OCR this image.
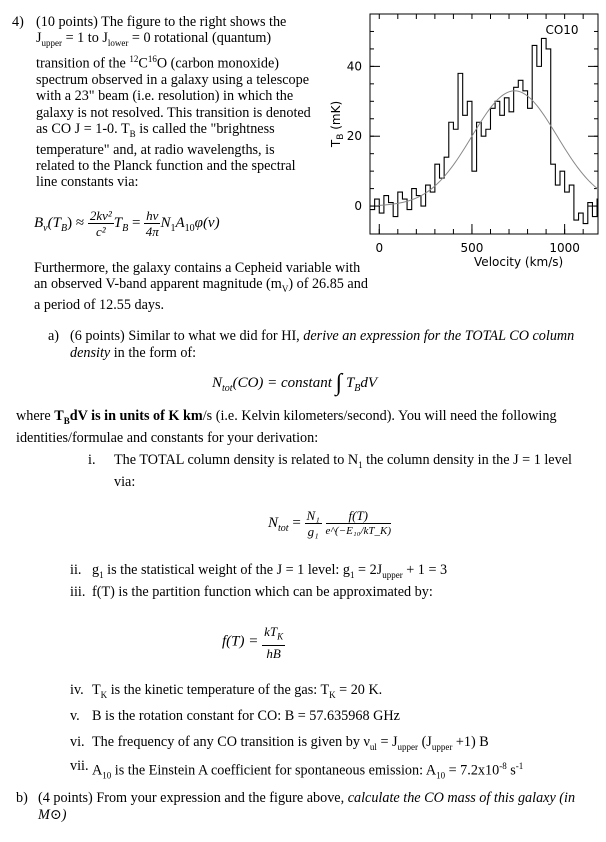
4) (10 points) The figure to the right shows the $J_{upper} = 1$ to $J_{lower} = 0$ rotational (quantum) transition of the $^{12}C^{16}O$ (carbon monoxide) spectrum observed in a galaxy using a telescope with a 23" beam (i.e. resolution) in which the galaxy is not resolved. This transition is denoted as CO J = 1-0. $T_B$ is called the "brightness temperature" and, at radio wavelengths, is related to the Planck function and the spectral line constants via:
0	500	1000
0
20
40
Velocity (km/s)
$T_B$ (mK)
CO10
$B_\nu(T_B) \approx \frac{\text{2kν²}}{\text{c²}} T_B = \frac{h\nu}{4\pi} N_1A_{10}\varphi(\nu)$
Furthermore, the galaxy contains a Cepheid variable with an observed V-band apparent magnitude $(m_V)$ of 26.85 and a period of 12.55 days.
a) (6 points) Similar to what we did for HI, derive an expression for the TOTAL CO column density in the form of:
$N_{tot}(CO)$ = constant ∫ $T_BdV$
where $T_BdV$ is in units of K km/s (i.e. Kelvin kilometers/second). You will need the following identities/formulae and constants for your derivation:
i. The TOTAL column density is related to $N_1$ the column density in the J = 1 level via:
$N_{tot} = \frac{\text{N₁}}{\text{g₁}}$
$\frac{f(T)}{\text{e\textasciicircum{}(−E₁₀/kT\_K)}}$
ii. $g_1$ is the statistical weight of the J = 1 level: $g_1 = 2J_{upper} + 1 = 3$
iii. f(T) is the partition function which can be approximated by:
$f(T) = \frac{kT_K}{hB}$
iv. $T_K$ is the kinetic temperature of the gas: $T_K = 20$ K.
v. B is the rotation constant for CO: B = 57.635968 GHz
vi. The frequency of any CO transition is given by $\nu_{ul} = J_{upper}$ $(J_{upper} +1)$ B
vii. $A_{10}$ is the Einstein A coefficient for spontaneous emission: $A_{10} = 7.2x10^{-8}$ $s^{-1}$
b) (4 points) From your expression and the figure above, calculate the CO mass of this galaxy (in M⊙)
